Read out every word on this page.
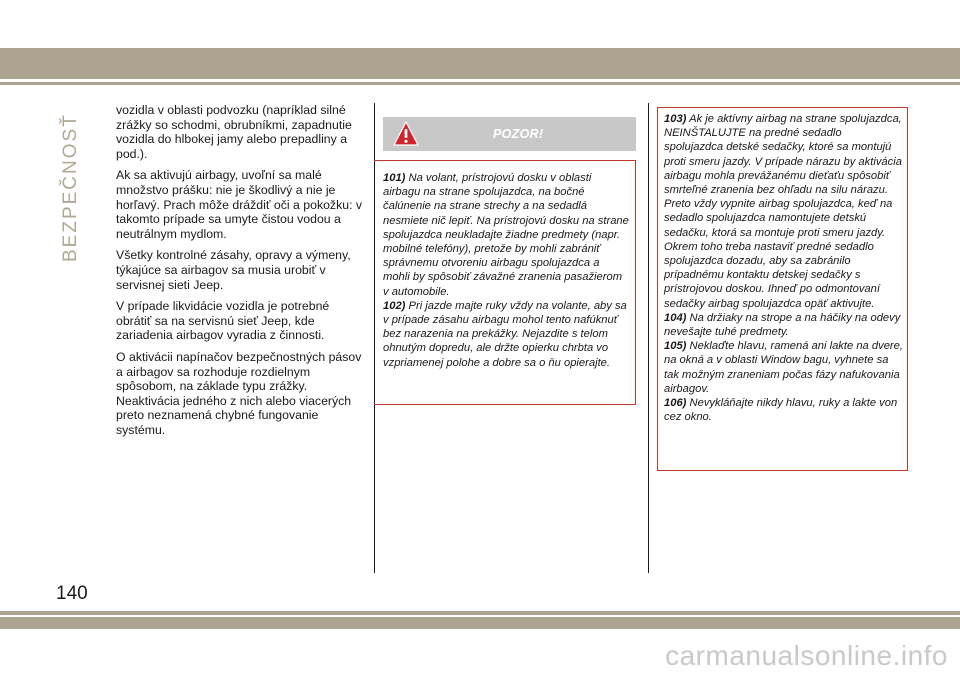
BEZPEČNOSŤ

vozidla v oblasti podvozku (napríklad silné zrážky so schodmi, obrubníkmi, zapadnutie vozidla do hlbokej jamy alebo prepadliny a pod.).

Ak sa aktivujú airbagy, uvoľní sa malé množstvo prášku: nie je škodlivý a nie je horľavý. Prach môže dráždiť oči a pokožku: v takomto prípade sa umyte čistou vodou a neutrálnym mydlom.

Všetky kontrolné zásahy, opravy a výmeny, týkajúce sa airbagov sa musia urobiť v servisnej sieti Jeep.

V prípade likvidácie vozidla je potrebné obrátiť sa na servisnú sieť Jeep, kde zariadenia airbagov vyradia z činnosti.

O aktivácii napínačov bezpečnostných pásov a airbagov sa rozhoduje rozdielnym spôsobom, na základe typu zrážky. Neaktivácia jedného z nich alebo viacerých preto neznamená chybné fungovanie systému.

POZOR!

101) Na volant, prístrojovú dosku v oblasti airbagu na strane spolujazdca, na bočné čalúnenie na strane strechy a na sedadlá nesmiete nič lepiť. Na prístrojovú dosku na strane spolujazdca neukladajte žiadne predmety (napr. mobilné telefóny), pretože by mohli zabrániť správnemu otvoreniu airbagu spolujazdca a mohli by spôsobiť závažné zranenia pasažierom v automobile.

102) Pri jazde majte ruky vždy na volante, aby sa v prípade zásahu airbagu mohol tento nafúknuť bez narazenia na prekážky. Nejazdite s telom ohnutým dopredu, ale držte opierku chrbta vo vzpriamenej polohe a dobre sa o ňu opierajte.

103) Ak je aktívny airbag na strane spolujazdca, NEINŠTALUJTE na predné sedadlo spolujazdca detské sedačky, ktoré sa montujú proti smeru jazdy. V prípade nárazu by aktivácia airbagu mohla prevážanému dieťaťu spôsobiť smrteľné zranenia bez ohľadu na silu nárazu. Preto vždy vypnite airbag spolujazdca, keď na sedadlo spolujazdca namontujete detskú sedačku, ktorá sa montuje proti smeru jazdy. Okrem toho treba nastaviť predné sedadlo spolujazdca dozadu, aby sa zabránilo prípadnému kontaktu detskej sedačky s prístrojovou doskou. Ihneď po odmontovaní sedačky airbag spolujazdca opäť aktivujte.

104) Na držiaky na strope a na háčiky na odevy nevešajte tuhé predmety.

105) Neklaďte hlavu, ramená ani lakte na dvere, na okná a v oblasti Window bagu, vyhnete sa tak možným zraneniam počas fázy nafukovania airbagov.

106) Nevykláňajte nikdy hlavu, ruky a lakte von cez okno.

140
carmanualsonline.info
